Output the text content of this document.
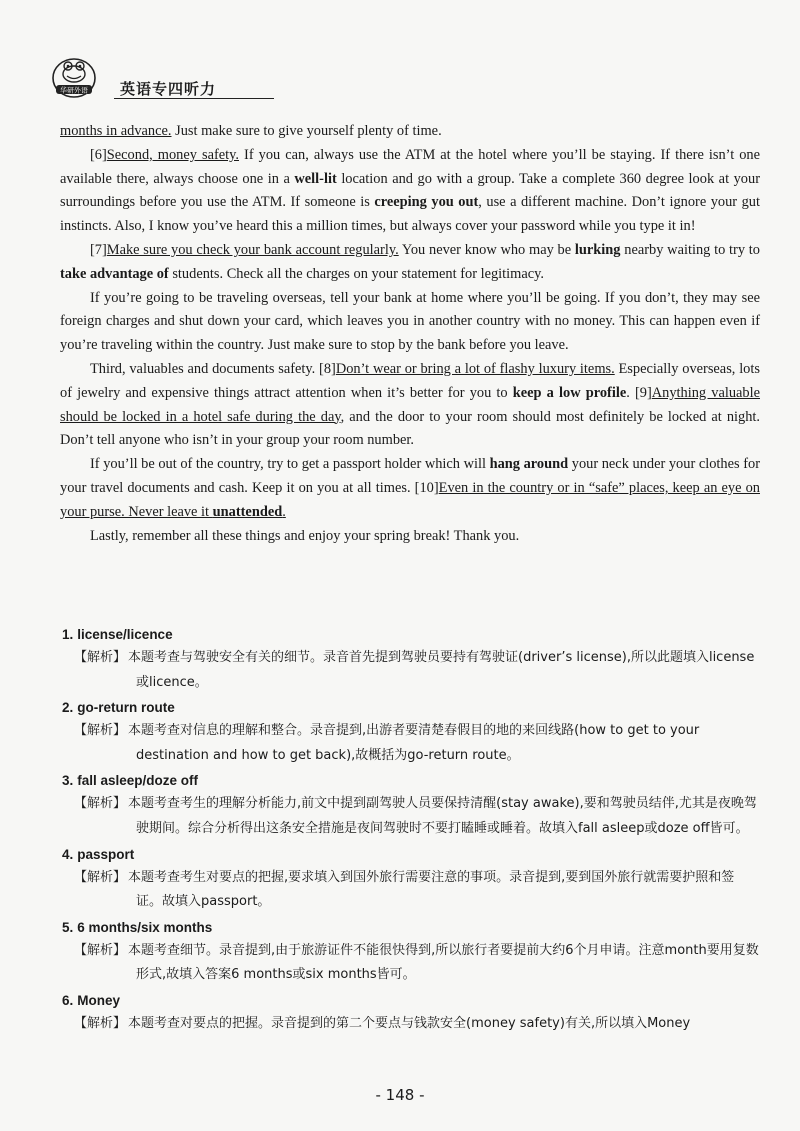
华研外语 英语专四听力

months in advance. Just make sure to give yourself plenty of time.

[6]Second, money safety. If you can, always use the ATM at the hotel where you’ll be staying. If there isn’t one available there, always choose one in a well-lit location and go with a group. Take a complete 360 degree look at your surroundings before you use the ATM. If someone is creeping you out, use a different machine. Don’t ignore your gut instincts. Also, I know you’ve heard this a million times, but always cover your password while you type it in!

[7]Make sure you check your bank account regularly. You never know who may be lurking nearby waiting to try to take advantage of students. Check all the charges on your statement for legitimacy.

If you’re going to be traveling overseas, tell your bank at home where you’ll be going. If you don’t, they may see foreign charges and shut down your card, which leaves you in another country with no money. This can happen even if you’re traveling within the country. Just make sure to stop by the bank before you leave.

Third, valuables and documents safety. [8]Don’t wear or bring a lot of flashy luxury items. Especially overseas, lots of jewelry and expensive things attract attention when it’s better for you to keep a low profile. [9]Anything valuable should be locked in a hotel safe during the day, and the door to your room should most definitely be locked at night. Don’t tell anyone who isn’t in your group your room number.

If you’ll be out of the country, try to get a passport holder which will hang around your neck under your clothes for your travel documents and cash. Keep it on you at all times. [10]Even in the country or in “safe” places, keep an eye on your purse. Never leave it unattended.

Lastly, remember all these things and enjoy your spring break! Thank you.

1. license/licence
【解析】 本题考查与驾驶安全有关的细节。录音首先提到驾驶员要持有驾驶证(driver’s license),所以此题填入license或licence。
2. go-return route
【解析】 本题考查对信息的理解和整合。录音提到,出游者要清楚春假目的地的来回线路(how to get to your destination and how to get back),故概括为go-return route。
3. fall asleep/doze off
【解析】 本题考查考生的理解分析能力,前文中提到副驾驶人员要保持清醒(stay awake),要和驾驶员结伴,尤其是夜晚驾驶期间。综合分析得出这条安全措施是夜间驾驶时不要打瞌睡或睡着。故填入fall asleep或doze off皆可。
4. passport
【解析】 本题考查考生对要点的把握,要求填入到国外旅行需要注意的事项。录音提到,要到国外旅行就需要护照和签证。故填入passport。
5. 6 months/six months
【解析】 本题考查细节。录音提到,由于旅游证件不能很快得到,所以旅行者要提前大约6个月申请。注意month要用复数形式,故填入答案6 months或six months皆可。
6. Money
【解析】 本题考查对要点的把握。录音提到的第二个要点与钱款安全(money safety)有关,所以填入Money
- 148 -
